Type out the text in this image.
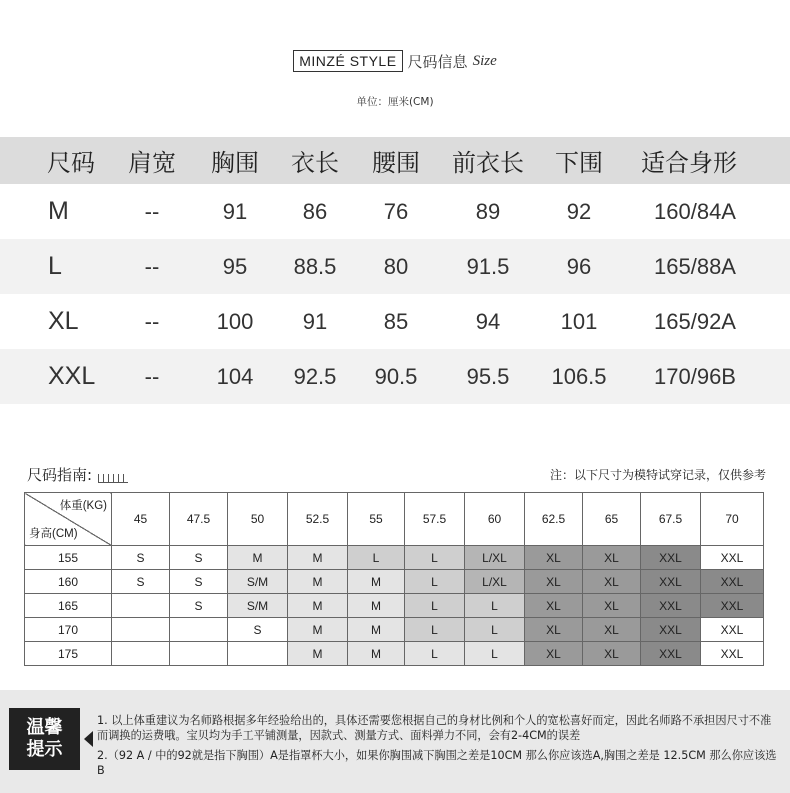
MINZÉ STYLE 尺码信息 Size
单位：厘米(CM)
尺码	肩宽	胸围	衣长	腰围	前衣长	下围	适合身形
M	--	91	86	76	89	92	160/84A
L	--	95	88.5	80	91.5	96	165/88A
XL	--	100	91	85	94	101	165/92A
XXL	--	104	92.5	90.5	95.5	106.5	170/96B
尺码指南:	注：以下尺寸为模特试穿记录，仅供参考
体重(KG)
身高(CM)	45	47.5	50	52.5	55	57.5	60	62.5	65	67.5	70
155	S	S	M	M	L	L	L/XL	XL	XL	XXL	XXL
160	S	S	S/M	M	M	L	L/XL	XL	XL	XXL	XXL
165		S	S/M	M	M	L	L	XL	XL	XXL	XXL
170			S	M	M	L	L	XL	XL	XXL	XXL
175				M	M	L	L	XL	XL	XXL	XXL
温馨
提示
1. 以上体重建议为名师路根据多年经验给出的，具体还需要您根据自己的身材比例和个人的宽松喜好而定，因此名师路不承担因尺寸不准而调换的运费哦。宝贝均为手工平铺测量，因款式、测量方式、面料弹力不同，会有2-4CM的误差
2.（92 A / 中的92就是指下胸围）A是指罩杯大小，如果你胸围减下胸围之差是10CM 那么你应该选A,胸围之差是 12.5CM 那么你应该选B
